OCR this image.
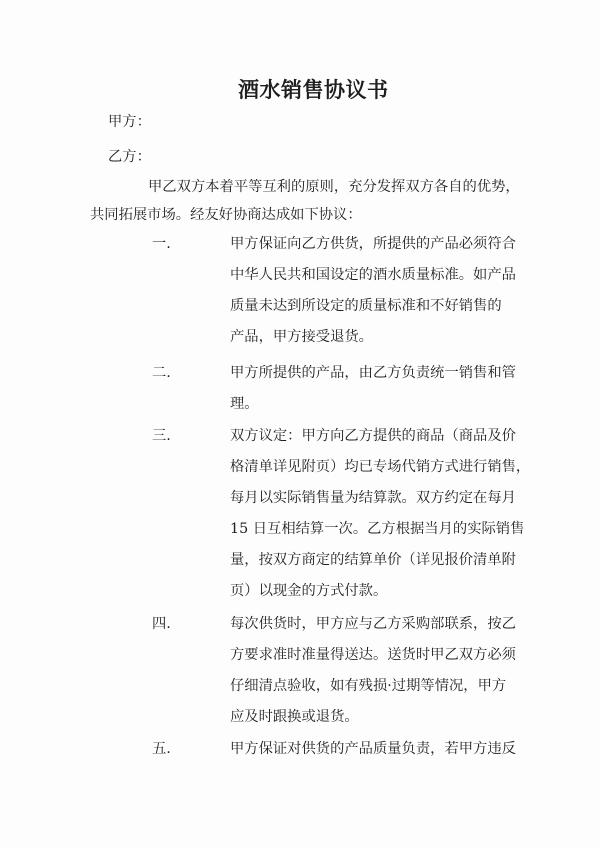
酒水销售协议书
甲方：
乙方：
甲乙双方本着平等互利的原则，充分发挥双方各自的优势，
共同拓展市场。经友好协商达成如下协议：
一.	甲方保证向乙方供货，所提供的产品必须符合
中华人民共和国设定的酒水质量标准。如产品
质量未达到所设定的质量标准和不好销售的
产品，甲方接受退货。
二.	甲方所提供的产品，由乙方负责统一销售和管
理。
三.	双方议定：甲方向乙方提供的商品（商品及价
格清单详见附页）均已专场代销方式进行销售，
每月以实际销售量为结算款。双方约定在每月
15 日互相结算一次。乙方根据当月的实际销售
量，按双方商定的结算单价（详见报价清单附
页）以现金的方式付款。
四.	每次供货时，甲方应与乙方采购部联系，按乙
方要求准时准量得送达。送货时甲乙双方必须
仔细清点验收，如有残损·过期等情况，甲方
应及时跟换或退货。
五.	甲方保证对供货的产品质量负责，若甲方违反
